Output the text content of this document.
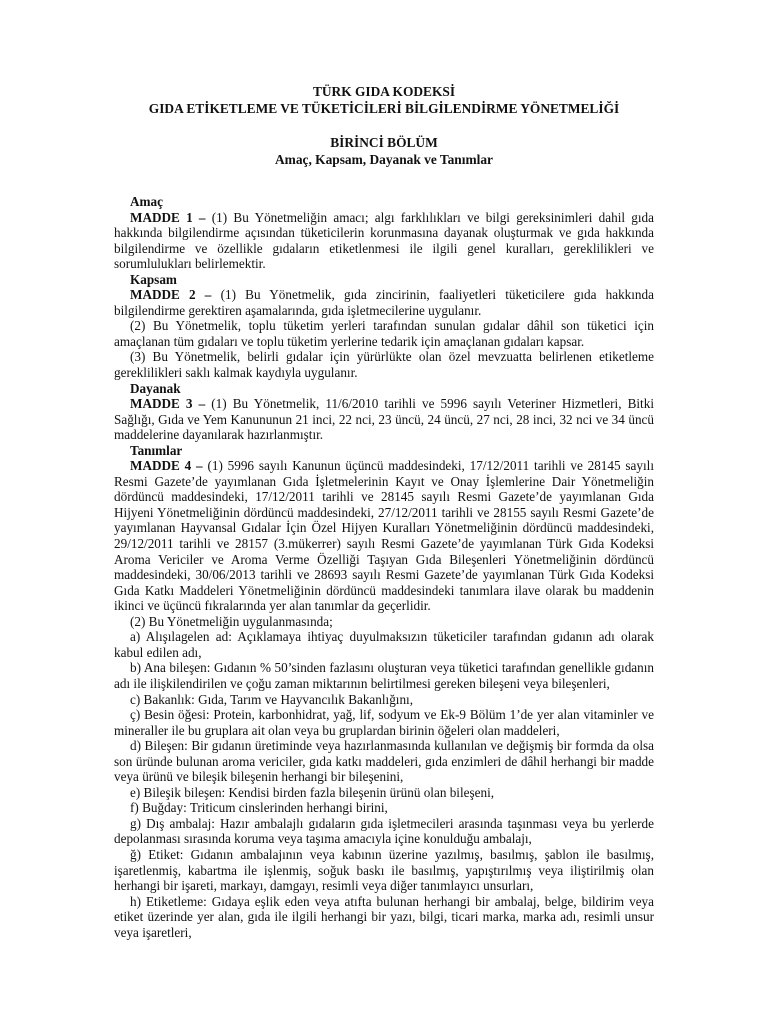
TÜRK GIDA KODEKSİ
GIDA ETİKETLEME VE TÜKETİCİLERİ BİLGİLENDİRME YÖNETMELİĞİ
BİRİNCİ BÖLÜM
Amaç, Kapsam, Dayanak ve Tanımlar
Amaç

MADDE 1 – (1) Bu Yönetmeliğin amacı; algı farklılıkları ve bilgi gereksinimleri dahil gıda hakkında bilgilendirme açısından tüketicilerin korunmasına dayanak oluşturmak ve gıda hakkında bilgilendirme ve özellikle gıdaların etiketlenmesi ile ilgili genel kuralları, gereklilikleri ve sorumlulukları belirlemektir.

Kapsam

MADDE 2 – (1) Bu Yönetmelik, gıda zincirinin, faaliyetleri tüketicilere gıda hakkında bilgilendirme gerektiren aşamalarında, gıda işletmecilerine uygulanır.

(2) Bu Yönetmelik, toplu tüketim yerleri tarafından sunulan gıdalar dâhil son tüketici için amaçlanan tüm gıdaları ve toplu tüketim yerlerine tedarik için amaçlanan gıdaları kapsar.

(3) Bu Yönetmelik, belirli gıdalar için yürürlükte olan özel mevzuatta belirlenen etiketleme gereklilikleri saklı kalmak kaydıyla uygulanır.

Dayanak

MADDE 3 – (1) Bu Yönetmelik, 11/6/2010 tarihli ve 5996 sayılı Veteriner Hizmetleri, Bitki Sağlığı, Gıda ve Yem Kanununun 21 inci, 22 nci, 23 üncü, 24 üncü, 27 nci, 28 inci, 32 nci ve 34 üncü maddelerine dayanılarak hazırlanmıştır.

Tanımlar

MADDE 4 – (1) 5996 sayılı Kanunun üçüncü maddesindeki, 17/12/2011 tarihli ve 28145 sayılı Resmi Gazete’de yayımlanan Gıda İşletmelerinin Kayıt ve Onay İşlemlerine Dair Yönetmeliğin dördüncü maddesindeki, 17/12/2011 tarihli ve 28145 sayılı Resmi Gazete’de yayımlanan Gıda Hijyeni Yönetmeliğinin dördüncü maddesindeki, 27/12/2011 tarihli ve 28155 sayılı Resmi Gazete’de yayımlanan Hayvansal Gıdalar İçin Özel Hijyen Kuralları Yönetmeliğinin dördüncü maddesindeki, 29/12/2011 tarihli ve 28157 (3.mükerrer) sayılı Resmi Gazete’de yayımlanan Türk Gıda Kodeksi Aroma Vericiler ve Aroma Verme Özelliği Taşıyan Gıda Bileşenleri Yönetmeliğinin dördüncü maddesindeki, 30/06/2013 tarihli ve 28693 sayılı Resmi Gazete’de yayımlanan Türk Gıda Kodeksi Gıda Katkı Maddeleri Yönetmeliğinin dördüncü maddesindeki tanımlara ilave olarak bu maddenin ikinci ve üçüncü fıkralarında yer alan tanımlar da geçerlidir.

(2) Bu Yönetmeliğin uygulanmasında;

a) Alışılagelen ad: Açıklamaya ihtiyaç duyulmaksızın tüketiciler tarafından gıdanın adı olarak kabul edilen adı,

b) Ana bileşen: Gıdanın % 50’sinden fazlasını oluşturan veya tüketici tarafından genellikle gıdanın adı ile ilişkilendirilen ve çoğu zaman miktarının belirtilmesi gereken bileşeni veya bileşenleri,

c) Bakanlık: Gıda, Tarım ve Hayvancılık Bakanlığını,

ç) Besin öğesi: Protein, karbonhidrat, yağ, lif, sodyum ve Ek-9 Bölüm 1’de yer alan vitaminler ve mineraller ile bu gruplara ait olan veya bu gruplardan birinin öğeleri olan maddeleri,

d) Bileşen: Bir gıdanın üretiminde veya hazırlanmasında kullanılan ve değişmiş bir formda da olsa son üründe bulunan aroma vericiler, gıda katkı maddeleri, gıda enzimleri de dâhil herhangi bir madde veya ürünü ve bileşik bileşenin herhangi bir bileşenini,

e) Bileşik bileşen: Kendisi birden fazla bileşenin ürünü olan bileşeni,

f) Buğday: Triticum cinslerinden herhangi birini,

g) Dış ambalaj: Hazır ambalajlı gıdaların gıda işletmecileri arasında taşınması veya bu yerlerde depolanması sırasında koruma veya taşıma amacıyla içine konulduğu ambalajı,

ğ) Etiket: Gıdanın ambalajının veya kabının üzerine yazılmış, basılmış, şablon ile basılmış, işaretlenmiş, kabartma ile işlenmiş, soğuk baskı ile basılmış, yapıştırılmış veya iliştirilmiş olan herhangi bir işareti, markayı, damgayı, resimli veya diğer tanımlayıcı unsurları,

h) Etiketleme: Gıdaya eşlik eden veya atıfta bulunan herhangi bir ambalaj, belge, bildirim veya etiket üzerinde yer alan, gıda ile ilgili herhangi bir yazı, bilgi, ticari marka, marka adı, resimli unsur veya işaretleri,
